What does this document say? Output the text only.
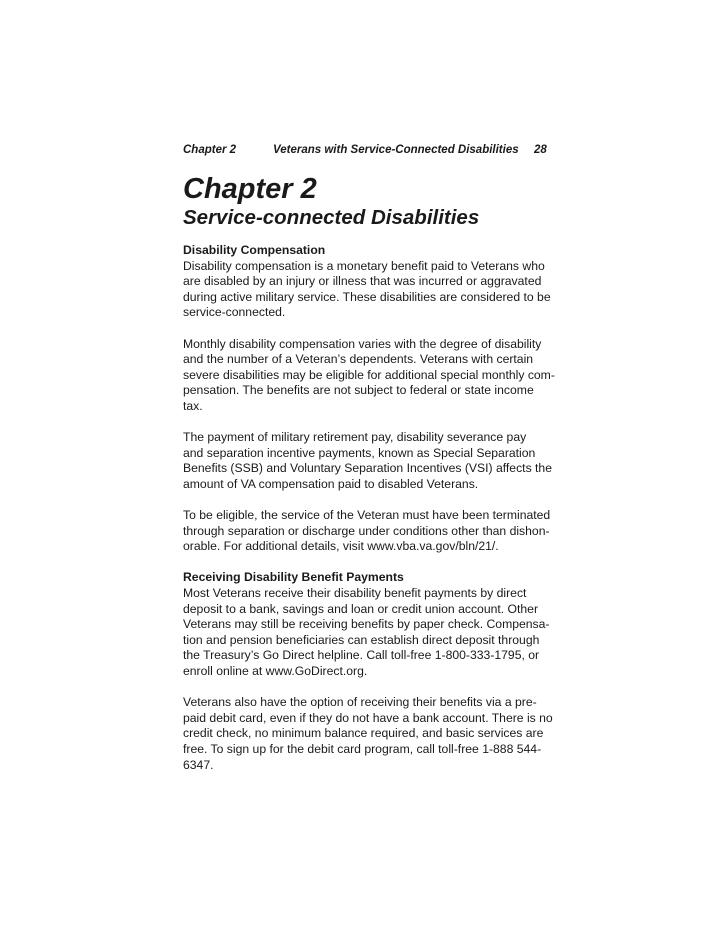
Chapter 2	Veterans with Service-Connected Disabilities 28
Chapter 2
Service-connected Disabilities

Disability Compensation
Disability compensation is a monetary benefit paid to Veterans who
are disabled by an injury or illness that was incurred or aggravated
during active military service. These disabilities are considered to be
service-connected.

Monthly disability compensation varies with the degree of disability
and the number of a Veteran’s dependents. Veterans with certain
severe disabilities may be eligible for additional special monthly com-
pensation. The benefits are not subject to federal or state income
tax.

The payment of military retirement pay, disability severance pay
and separation incentive payments, known as Special Separation
Benefits (SSB) and Voluntary Separation Incentives (VSI) affects the
amount of VA compensation paid to disabled Veterans.

To be eligible, the service of the Veteran must have been terminated
through separation or discharge under conditions other than dishon-
orable. For additional details, visit www.vba.va.gov/bln/21/.

Receiving Disability Benefit Payments
Most Veterans receive their disability benefit payments by direct
deposit to a bank, savings and loan or credit union account. Other
Veterans may still be receiving benefits by paper check. Compensa-
tion and pension beneficiaries can establish direct deposit through
the Treasury’s Go Direct helpline. Call toll-free 1-800-333-1795, or
enroll online at www.GoDirect.org.

Veterans also have the option of receiving their benefits via a pre-
paid debit card, even if they do not have a bank account. There is no
credit check, no minimum balance required, and basic services are
free. To sign up for the debit card program, call toll-free 1-888 544-
6347.
